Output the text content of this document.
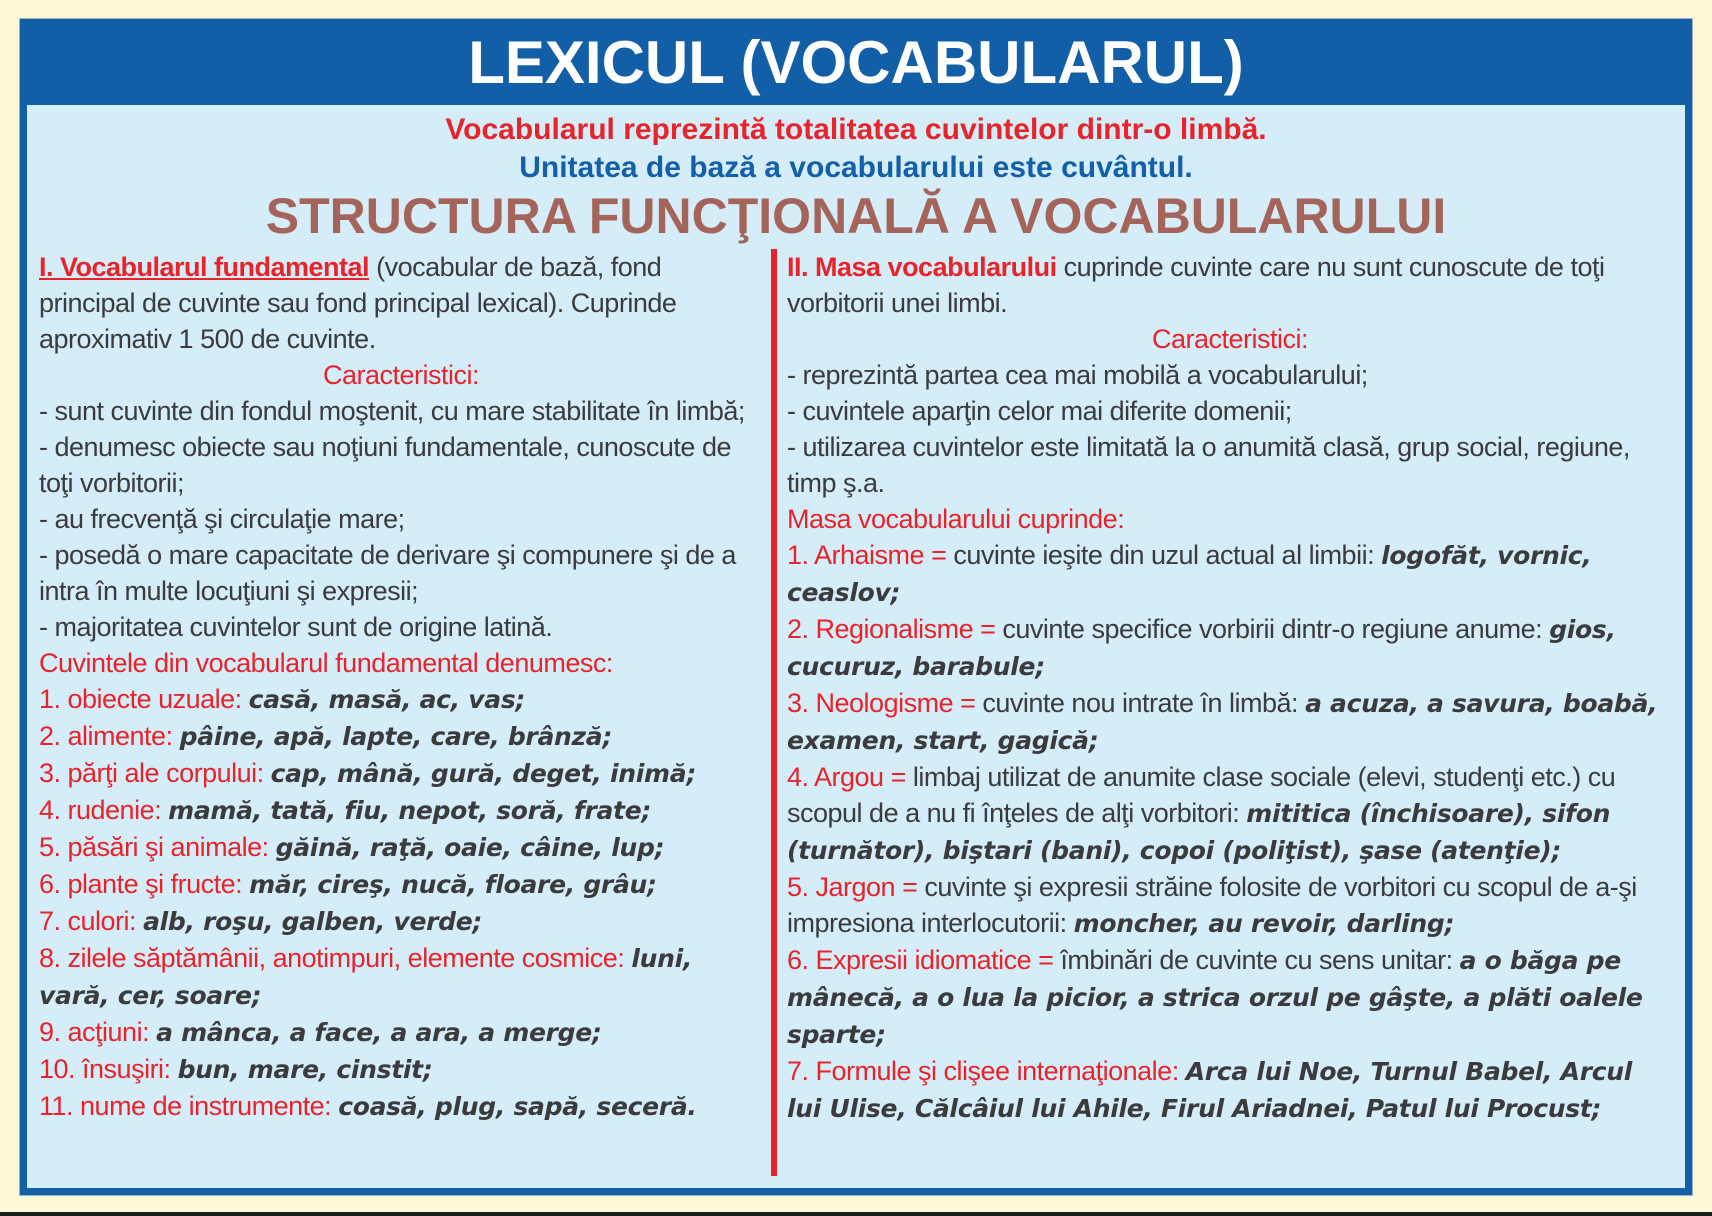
LEXICUL (VOCABULARUL)
Vocabularul reprezintă totalitatea cuvintelor dintr-o limbă.
Unitatea de bază a vocabularului este cuvântul.
STRUCTURA FUNCŢIONALĂ A VOCABULARULUI

I. Vocabularul fundamental (vocabular de bază, fond principal de cuvinte sau fond principal lexical). Cuprinde aproximativ 1 500 de cuvinte.

Caracteristici:
- sunt cuvinte din fondul moştenit, cu mare stabilitate în limbă;
- denumesc obiecte sau noţiuni fundamentale, cunoscute de toţi vorbitorii;
- au frecvenţă şi circulaţie mare;
- posedă o mare capacitate de derivare şi compunere şi de a intra în multe locuţiuni şi expresii;
- majoritatea cuvintelor sunt de origine latină.
Cuvintele din vocabularul fundamental denumesc:
1. obiecte uzuale: casă, masă, ac, vas;
2. alimente: pâine, apă, lapte, care, brânză;
3. părţi ale corpului: cap, mână, gură, deget, inimă;
4. rudenie: mamă, tată, fiu, nepot, soră, frate;
5. păsări şi animale: găină, raţă, oaie, câine, lup;
6. plante şi fructe: măr, cireş, nucă, floare, grâu;
7. culori: alb, roşu, galben, verde;
8. zilele săptămânii, anotimpuri, elemente cosmice: luni, vară, cer, soare;
9. acţiuni: a mânca, a face, a ara, a merge;
10. însuşiri: bun, mare, cinstit;
11. nume de instrumente: coasă, plug, sapă, seceră.

II. Masa vocabularului cuprinde cuvinte care nu sunt cunoscute de toţi vorbitorii unei limbi.

Caracteristici:
- reprezintă partea cea mai mobilă a vocabularului;
- cuvintele aparţin celor mai diferite domenii;
- utilizarea cuvintelor este limitată la o anumită clasă, grup social, regiune, timp ş.a.
Masa vocabularului cuprinde:
1. Arhaisme = cuvinte ieşite din uzul actual al limbii: logofăt, vornic, ceaslov;
2. Regionalisme = cuvinte specifice vorbirii dintr-o regiune anume: gios, cucuruz, barabule;
3. Neologisme = cuvinte nou intrate în limbă: a acuza, a savura, boabă, examen, start, gagică;
4. Argou = limbaj utilizat de anumite clase sociale (elevi, studenţi etc.) cu scopul de a nu fi înţeles de alţi vorbitori: mititica (închisoare), sifon (turnător), biştari (bani), copoi (poliţist), şase (atenţie);
5. Jargon = cuvinte şi expresii străine folosite de vorbitori cu scopul de a-şi impresiona interlocutorii: moncher, au revoir, darling;
6. Expresii idiomatice = îmbinări de cuvinte cu sens unitar: a o băga pe mânecă, a o lua la picior, a strica orzul pe gâşte, a plăti oalele sparte;
7. Formule şi clişee internaţionale: Arca lui Noe, Turnul Babel, Arcul lui Ulise, Călcâiul lui Ahile, Firul Ariadnei, Patul lui Procust;
